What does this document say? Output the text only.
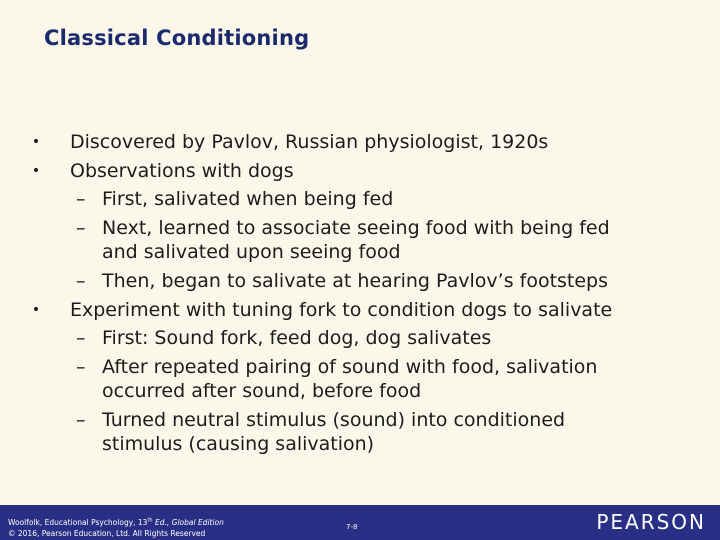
Classical Conditioning
• Discovered by Pavlov, Russian physiologist, 1920s
• Observations with dogs
– First, salivated when being fed
– Next, learned to associate seeing food with being fed and salivated upon seeing food
– Then, began to salivate at hearing Pavlov’s footsteps
• Experiment with tuning fork to condition dogs to salivate
– First: Sound fork, feed dog, dog salivates
– After repeated pairing of sound with food, salivation occurred after sound, before food
– Turned neutral stimulus (sound) into conditioned stimulus (causing salivation)
Woolfolk, Educational Psychology, 13th Ed., Global Edition
© 2016, Pearson Education, Ltd. All Rights Reserved
7-8	PEARSON
